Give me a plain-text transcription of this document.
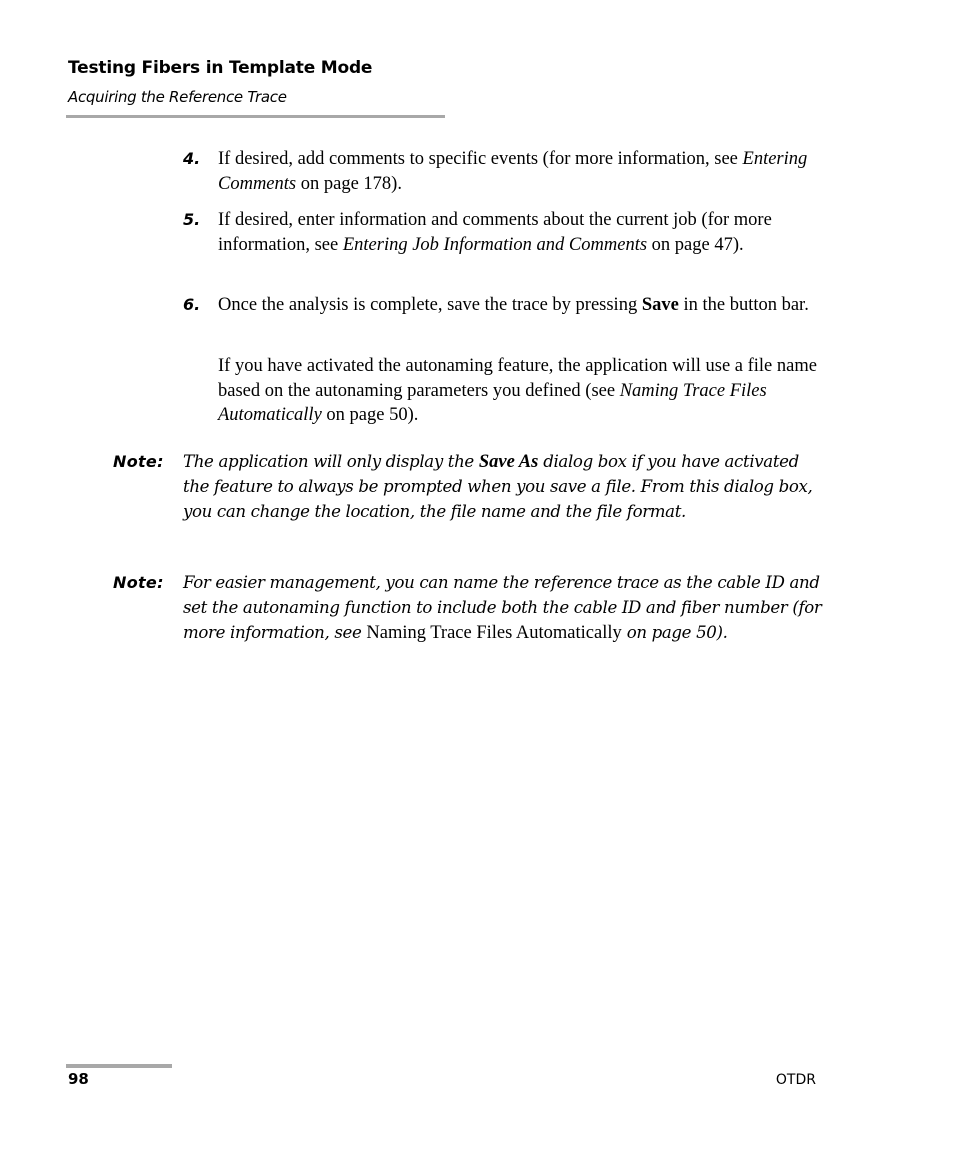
Testing Fibers in Template Mode
Acquiring the Reference Trace
4. If desired, add comments to specific events (for more information, see Entering Comments on page 178).
5. If desired, enter information and comments about the current job (for more information, see Entering Job Information and Comments on page 47).
6. Once the analysis is complete, save the trace by pressing Save in the button bar.
If you have activated the autonaming feature, the application will use a file name based on the autonaming parameters you defined (see Naming Trace Files Automatically on page 50).
Note: The application will only display the Save As dialog box if you have activated the feature to always be prompted when you save a file. From this dialog box, you can change the location, the file name and the file format.
Note: For easier management, you can name the reference trace as the cable ID and set the autonaming function to include both the cable ID and fiber number (for more information, see Naming Trace Files Automatically on page 50).
98	OTDR
